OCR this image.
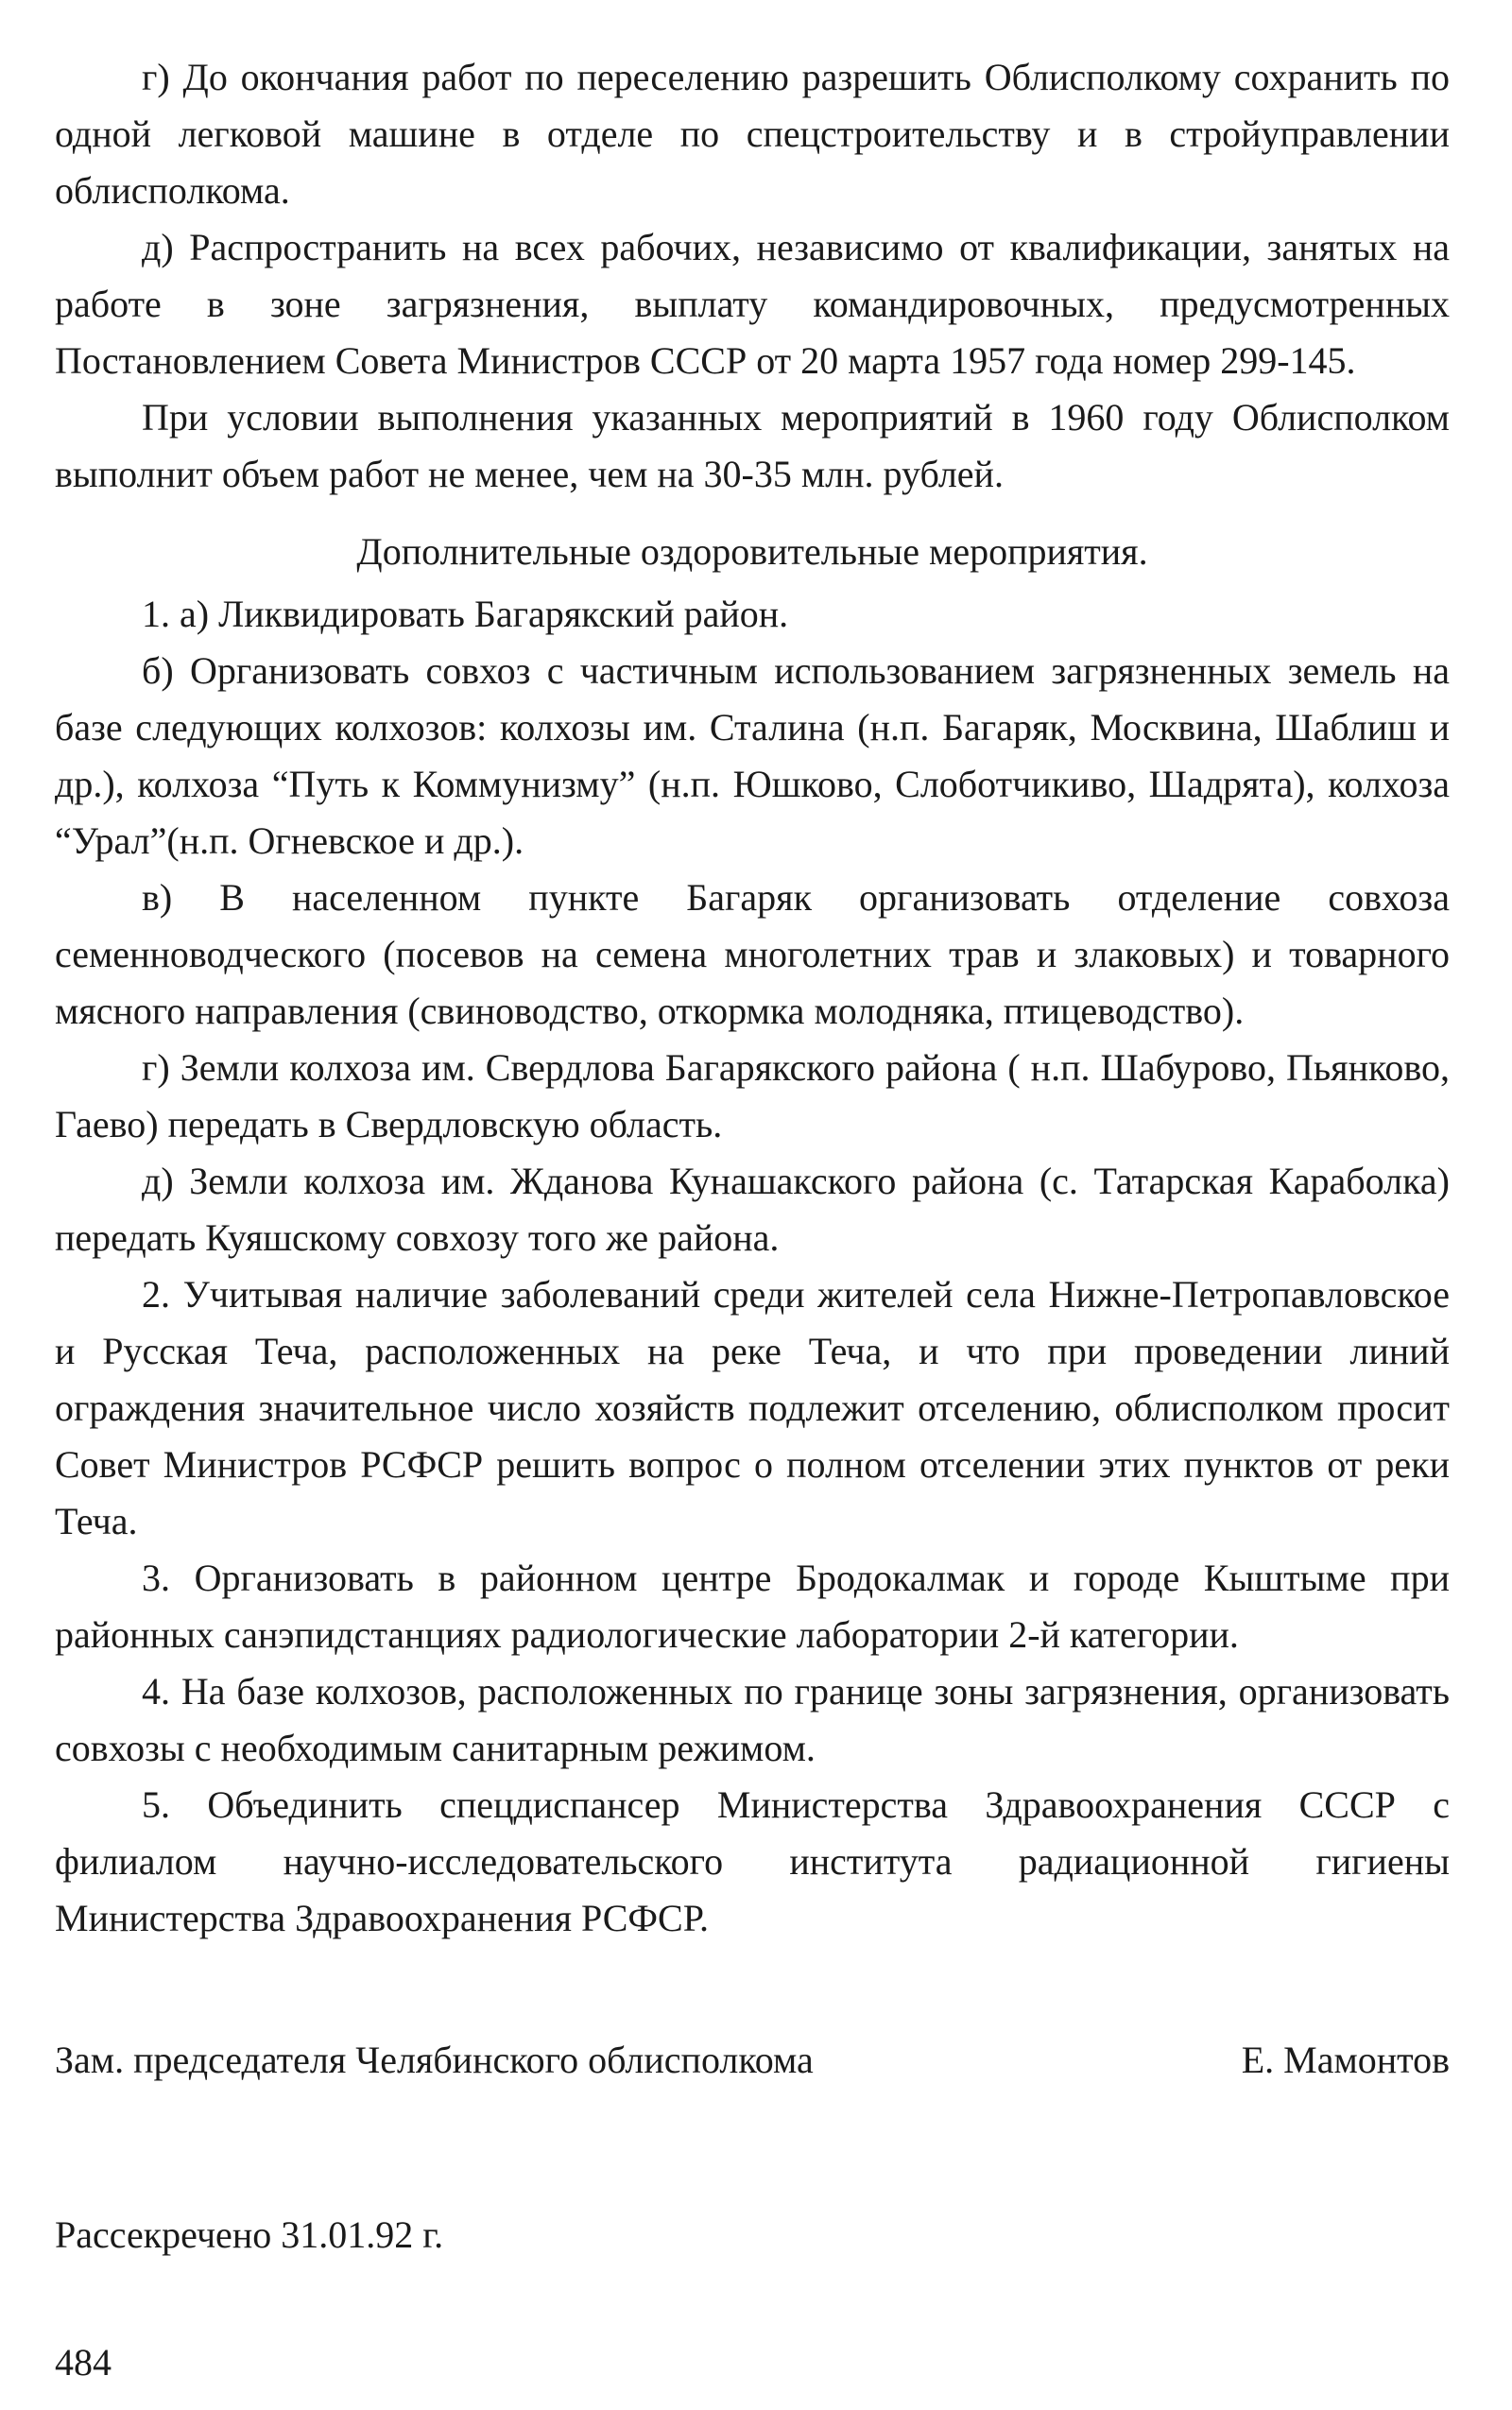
г) До окончания работ по переселению разрешить Облисполкому сохранить по одной легковой машине в отделе по спецстроительству и в стройуправлении облисполкома.

д) Распространить на всех рабочих, независимо от квалификации, занятых на работе в зоне загрязнения, выплату командировочных, предусмотренных Постановлением Совета Министров СССР от 20 марта 1957 года номер 299-145.

При условии выполнения указанных мероприятий в 1960 году Облисполком выполнит объем работ не менее, чем на 30-35 млн. рублей.

Дополнительные оздоровительные мероприятия.

1. а) Ликвидировать Багарякский район.

б) Организовать совхоз с частичным использованием загрязненных земель на базе следующих колхозов: колхозы им. Сталина (н.п. Багаряк, Москвина, Шаблиш и др.), колхоза “Путь к Коммунизму” (н.п. Юшково, Слоботчикиво, Шадрята), колхоза “Урал”(н.п. Огневское и др.).

в) В населенном пункте Багаряк организовать отделение совхоза семенноводческого (посевов на семена многолетних трав и злаковых) и товарного мясного направления (свиноводство, откормка молодняка, птицеводство).

г) Земли колхоза им. Свердлова Багарякского района ( н.п. Шабурово, Пьянково, Гаево) передать в Свердловскую область.

д) Земли колхоза им. Жданова Кунашакского района (с. Татарская Караболка) передать Куяшскому совхозу того же района.

2. Учитывая наличие заболеваний среди жителей села Нижне-Петропавловское и Русская Теча, расположенных на реке Теча, и что при проведении линий ограждения значительное число хозяйств подлежит отселению, облисполком просит Совет Министров РСФСР решить вопрос о полном отселении этих пунктов от реки Теча.

3. Организовать в районном центре Бродокалмак и городе Кыштыме при районных санэпидстанциях радиологические лаборатории 2-й категории.

4. На базе колхозов, расположенных по границе зоны загрязнения, организовать совхозы с необходимым санитарным режимом.

5. Объединить спецдиспансер Министерства Здравоохранения СССР с филиалом научно-исследовательского института радиационной гигиены Министерства Здравоохранения РСФСР.

Зам. председателя Челябинского облисполкома	Е. Мамонтов
Рассекречено 31.01.92 г.
484
